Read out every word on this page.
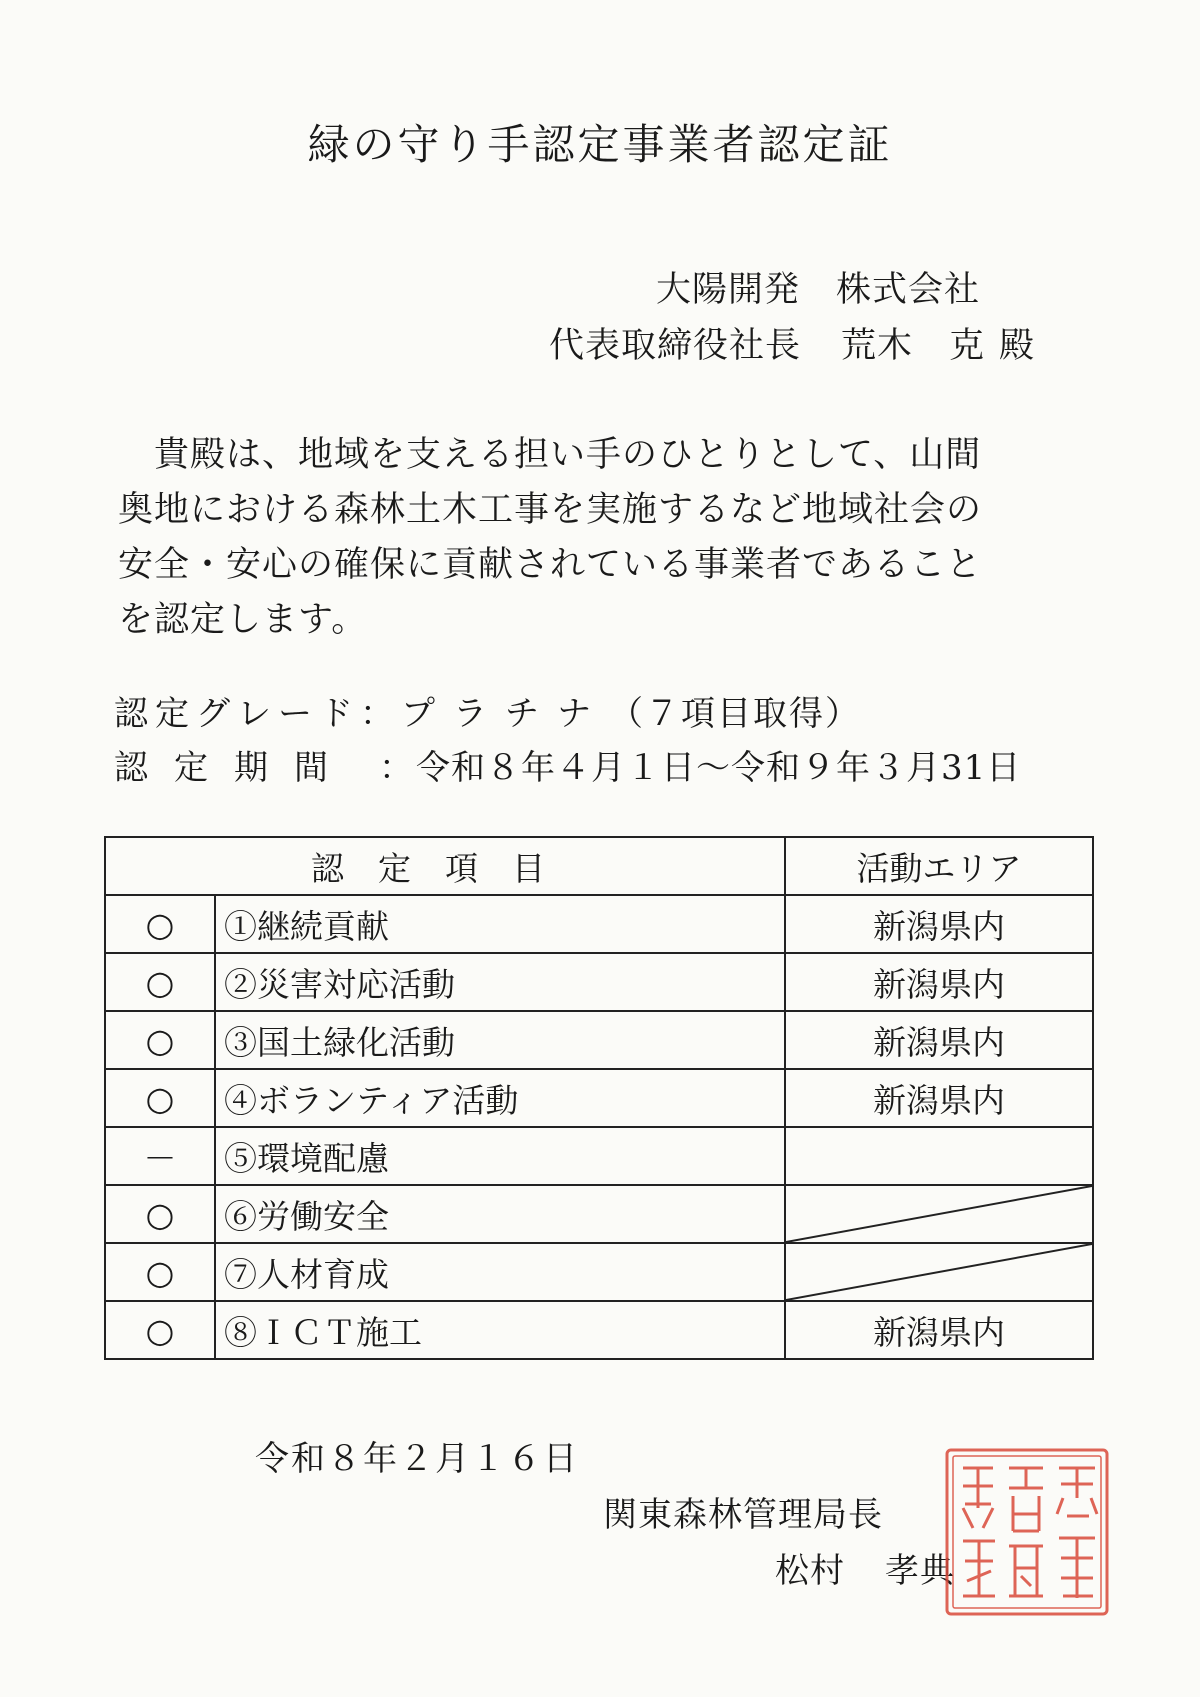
緑の守り手認定事業者認定証
大陽開発　株式会社
代表取締役社長 荒木　克 殿
　貴殿は、地域を支える担い手のひとりとして、山間
奥地における森林土木工事を実施するなど地域社会の
安全・安心の確保に貢献されている事業者であること
を認定します。
認定グレード：プラチナ（７項目取得）
認定期間 ：令和８年４月１日～令和９年３月31日
認定項目		活動エリア
○	①継続貢献	新潟県内
○	②災害対応活動	新潟県内
○	③国土緑化活動	新潟県内
○	④ボランティア活動	新潟県内
－	⑤環境配慮	
○	⑥労働安全	

○	⑦人材育成	

○	⑧ＩＣＴ施工	新潟県内
令和８年２月１６日
関東森林管理局長
松村 孝典
